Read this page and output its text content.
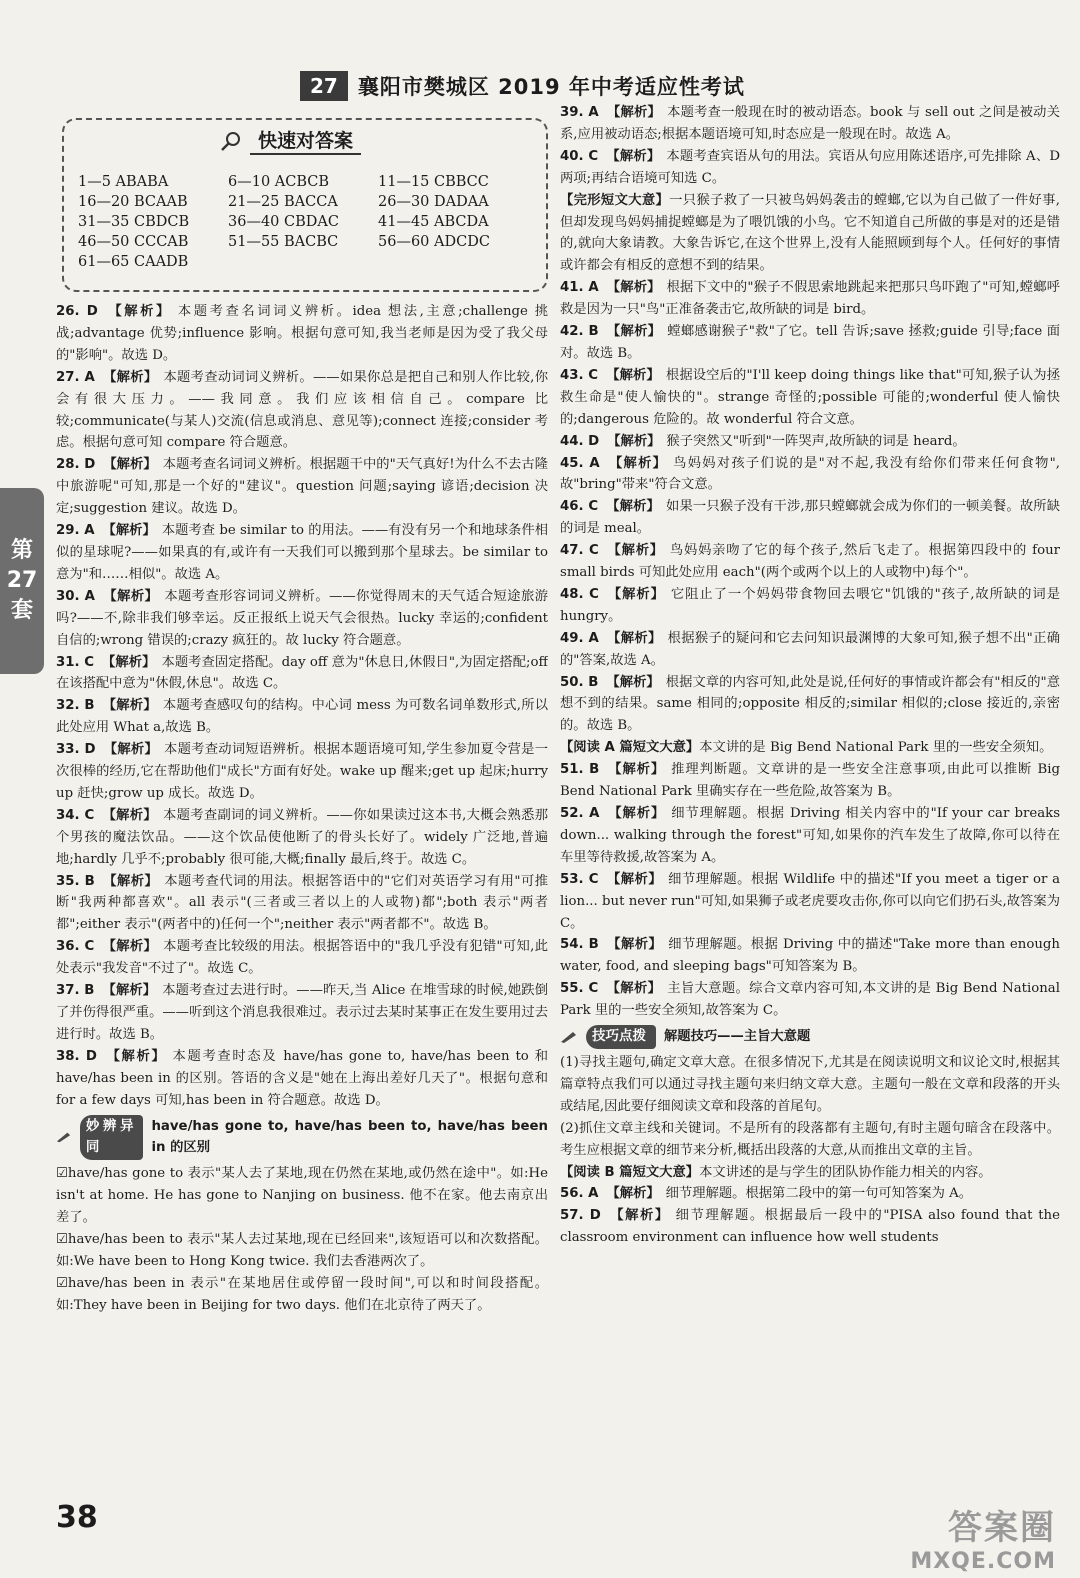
27 襄阳市樊城区 2019 年中考适应性考试
快速对答案
1—5 ABABA	6—10 ACBCB	11—15 CBBCC
16—20 BCAAB	21—25 BACCA	26—30 DADAA
31—35 CBDCB	36—40 CBDAC	41—45 ABCDA
46—50 CCCAB	51—55 BACBC	56—60 ADCDC
61—65 CAADB
第
27
套

26. D 【解析】 本题考查名词词义辨析。idea 想法,主意;challenge 挑战;advantage 优势;influence 影响。根据句意可知,我当老师是因为受了我父母的"影响"。故选 D。

27. A 【解析】 本题考查动词词义辨析。——如果你总是把自己和别人作比较,你会有很大压力。——我同意。我们应该相信自己。compare 比较;communicate(与某人)交流(信息或消息、意见等);connect 连接;consider 考虑。根据句意可知 compare 符合题意。

28. D 【解析】 本题考查名词词义辨析。根据题干中的"天气真好!为什么不去古隆中旅游呢"可知,那是一个好的"建议"。question 问题;saying 谚语;decision 决定;suggestion 建议。故选 D。

29. A 【解析】 本题考查 be similar to 的用法。——有没有另一个和地球条件相似的星球呢?——如果真的有,或许有一天我们可以搬到那个星球去。be similar to 意为"和……相似"。故选 A。

30. A 【解析】 本题考查形容词词义辨析。——你觉得周末的天气适合短途旅游吗?——不,除非我们够幸运。反正报纸上说天气会很热。lucky 幸运的;confident 自信的;wrong 错误的;crazy 疯狂的。故 lucky 符合题意。

31. C 【解析】 本题考查固定搭配。day off 意为"休息日,休假日",为固定搭配;off 在该搭配中意为"休假,休息"。故选 C。

32. B 【解析】 本题考查感叹句的结构。中心词 mess 为可数名词单数形式,所以此处应用 What a,故选 B。

33. D 【解析】 本题考查动词短语辨析。根据本题语境可知,学生参加夏令营是一次很棒的经历,它在帮助他们"成长"方面有好处。wake up 醒来;get up 起床;hurry up 赶快;grow up 成长。故选 D。

34. C 【解析】 本题考查副词的词义辨析。——你如果读过这本书,大概会熟悉那个男孩的魔法饮品。——这个饮品使他断了的骨头长好了。widely 广泛地,普遍地;hardly 几乎不;probably 很可能,大概;finally 最后,终于。故选 C。

35. B 【解析】 本题考查代词的用法。根据答语中的"它们对英语学习有用"可推断"我两种都喜欢"。all 表示"(三者或三者以上的人或物)都";both 表示"两者都";either 表示"(两者中的)任何一个";neither 表示"两者都不"。故选 B。

36. C 【解析】 本题考查比较级的用法。根据答语中的"我几乎没有犯错"可知,此处表示"我发音"不过了"。故选 C。

37. B 【解析】 本题考查过去进行时。——昨天,当 Alice 在堆雪球的时候,她跌倒了并伤得很严重。——听到这个消息我很难过。表示过去某时某事正在发生要用过去进行时。故选 B。

38. D 【解析】 本题考查时态及 have/has gone to, have/has been to 和 have/has been in 的区别。答语的含义是"她在上海出差好几天了"。根据句意和 for a few days 可知,has been in 符合题意。故选 D。

妙辨异同
have/has gone to, have/has been to, have/has been in 的区别

☑have/has gone to 表示"某人去了某地,现在仍然在某地,或仍然在途中"。如:He isn't at home. He has gone to Nanjing on business. 他不在家。他去南京出差了。

☑have/has been to 表示"某人去过某地,现在已经回来",该短语可以和次数搭配。如:We have been to Hong Kong twice. 我们去香港两次了。

☑have/has been in 表示"在某地居住或停留一段时间",可以和时间段搭配。如:They have been in Beijing for two days. 他们在北京待了两天了。

39. A 【解析】 本题考查一般现在时的被动语态。book 与 sell out 之间是被动关系,应用被动语态;根据本题语境可知,时态应是一般现在时。故选 A。

40. C 【解析】 本题考查宾语从句的用法。宾语从句应用陈述语序,可先排除 A、D 两项;再结合语境可知选 C。

【完形短文大意】一只猴子救了一只被鸟妈妈袭击的螳螂,它以为自己做了一件好事,但却发现鸟妈妈捕捉螳螂是为了喂饥饿的小鸟。它不知道自己所做的事是对的还是错的,就向大象请教。大象告诉它,在这个世界上,没有人能照顾到每个人。任何好的事情或许都会有相反的意想不到的结果。

41. A 【解析】 根据下文中的"猴子不假思索地跳起来把那只鸟吓跑了"可知,螳螂呼救是因为一只"鸟"正准备袭击它,故所缺的词是 bird。

42. B 【解析】 螳螂感谢猴子"救"了它。tell 告诉;save 拯救;guide 引导;face 面对。故选 B。

43. C 【解析】 根据设空后的"I'll keep doing things like that"可知,猴子认为拯救生命是"使人愉快的"。strange 奇怪的;possible 可能的;wonderful 使人愉快的;dangerous 危险的。故 wonderful 符合文意。

44. D 【解析】 猴子突然又"听到"一阵哭声,故所缺的词是 heard。

45. A 【解析】 鸟妈妈对孩子们说的是"对不起,我没有给你们带来任何食物",故"bring"带来"符合文意。

46. C 【解析】 如果一只猴子没有干涉,那只螳螂就会成为你们的一顿美餐。故所缺的词是 meal。

47. C 【解析】 鸟妈妈亲吻了它的每个孩子,然后飞走了。根据第四段中的 four small birds 可知此处应用 each"(两个或两个以上的人或物中)每个"。

48. C 【解析】 它阻止了一个妈妈带食物回去喂它"饥饿的"孩子,故所缺的词是 hungry。

49. A 【解析】 根据猴子的疑问和它去问知识最渊博的大象可知,猴子想不出"正确的"答案,故选 A。

50. B 【解析】 根据文章的内容可知,此处是说,任何好的事情或许都会有"相反的"意想不到的结果。same 相同的;opposite 相反的;similar 相似的;close 接近的,亲密的。故选 B。

【阅读 A 篇短文大意】本文讲的是 Big Bend National Park 里的一些安全须知。

51. B 【解析】 推理判断题。文章讲的是一些安全注意事项,由此可以推断 Big Bend National Park 里确实存在一些危险,故答案为 B。

52. A 【解析】 细节理解题。根据 Driving 相关内容中的"If your car breaks down... walking through the forest"可知,如果你的汽车发生了故障,你可以待在车里等待救援,故答案为 A。

53. C 【解析】 细节理解题。根据 Wildlife 中的描述"If you meet a tiger or a lion... but never run"可知,如果狮子或老虎要攻击你,你可以向它们扔石头,故答案为 C。

54. B 【解析】 细节理解题。根据 Driving 中的描述"Take more than enough water, food, and sleeping bags"可知答案为 B。

55. C 【解析】 主旨大意题。综合文章内容可知,本文讲的是 Big Bend National Park 里的一些安全须知,故答案为 C。

技巧点拨	解题技巧——主旨大意题

(1)寻找主题句,确定文章大意。在很多情况下,尤其是在阅读说明文和议论文时,根据其篇章特点我们可以通过寻找主题句来归纳文章大意。主题句一般在文章和段落的开头或结尾,因此要仔细阅读文章和段落的首尾句。

(2)抓住文章主线和关键词。不是所有的段落都有主题句,有时主题句暗含在段落中。考生应根据文章的细节来分析,概括出段落的大意,从而推出文章的主旨。

【阅读 B 篇短文大意】本文讲述的是与学生的团队协作能力相关的内容。

56. A 【解析】 细节理解题。根据第二段中的第一句可知答案为 A。

57. D 【解析】 细节理解题。根据最后一段中的"PISA also found that the classroom environment can influence how well students

38	答案圈
MXQE.COM
